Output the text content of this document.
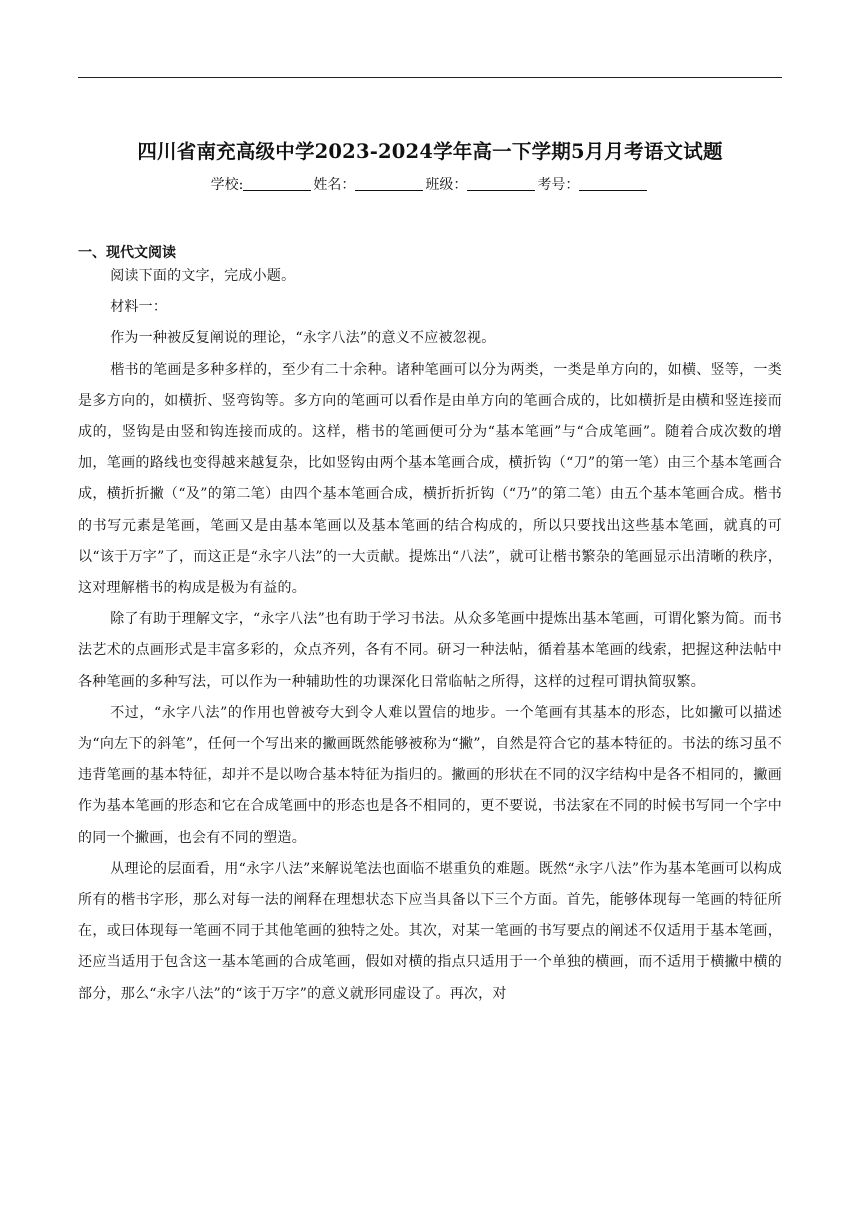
四川省南充高级中学2023-2024学年高一下学期5月月考语文试题
学校:	姓名：	班级：	考号：
一、现代文阅读

阅读下面的文字，完成小题。

材料一：

作为一种被反复阐说的理论，“永字八法”的意义不应被忽视。

楷书的笔画是多种多样的，至少有二十余种。诸种笔画可以分为两类，一类是单方向的，如横、竖等，一类是多方向的，如横折、竖弯钩等。多方向的笔画可以看作是由单方向的笔画合成的，比如横折是由横和竖连接而成的，竖钩是由竖和钩连接而成的。这样，楷书的笔画便可分为“基本笔画”与“合成笔画”。随着合成次数的增加，笔画的路线也变得越来越复杂，比如竖钩由两个基本笔画合成，横折钩（“刀”的第一笔）由三个基本笔画合成，横折折撇（“及”的第二笔）由四个基本笔画合成，横折折折钩（“乃”的第二笔）由五个基本笔画合成。楷书的书写元素是笔画，笔画又是由基本笔画以及基本笔画的结合构成的，所以只要找出这些基本笔画，就真的可以“该于万字”了，而这正是“永字八法”的一大贡献。提炼出“八法”，就可让楷书繁杂的笔画显示出清晰的秩序，这对理解楷书的构成是极为有益的。

除了有助于理解文字，“永字八法”也有助于学习书法。从众多笔画中提炼出基本笔画，可谓化繁为简。而书法艺术的点画形式是丰富多彩的，众点齐列，各有不同。研习一种法帖，循着基本笔画的线索，把握这种法帖中各种笔画的多种写法，可以作为一种辅助性的功课深化日常临帖之所得，这样的过程可谓执简驭繁。

不过，“永字八法”的作用也曾被夸大到令人难以置信的地步。一个笔画有其基本的形态，比如撇可以描述为“向左下的斜笔”，任何一个写出来的撇画既然能够被称为“撇”，自然是符合它的基本特征的。书法的练习虽不违背笔画的基本特征，却并不是以吻合基本特征为指归的。撇画的形状在不同的汉字结构中是各不相同的，撇画作为基本笔画的形态和它在合成笔画中的形态也是各不相同的，更不要说，书法家在不同的时候书写同一个字中的同一个撇画，也会有不同的塑造。

从理论的层面看，用“永字八法”来解说笔法也面临不堪重负的难题。既然“永字八法”作为基本笔画可以构成所有的楷书字形，那么对每一法的阐释在理想状态下应当具备以下三个方面。首先，能够体现每一笔画的特征所在，或曰体现每一笔画不同于其他笔画的独特之处。其次，对某一笔画的书写要点的阐述不仅适用于基本笔画，还应当适用于包含这一基本笔画的合成笔画，假如对横的指点只适用于一个单独的横画，而不适用于横撇中横的部分，那么“永字八法”的“该于万字”的意义就形同虚设了。再次，对
